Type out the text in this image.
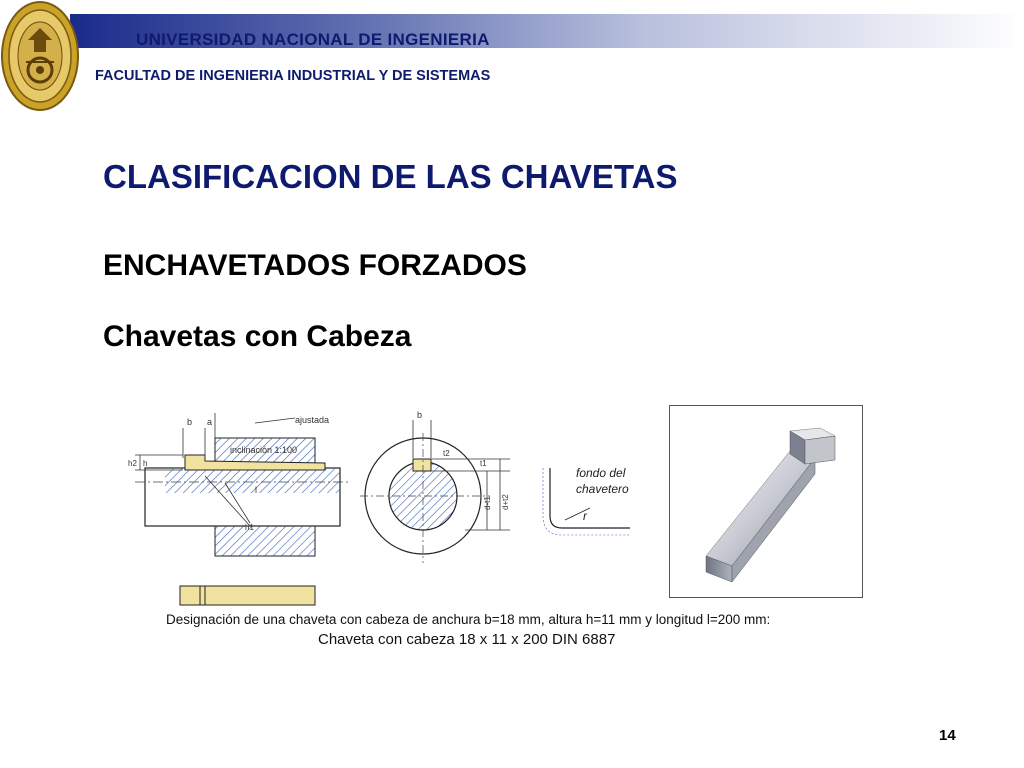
UNIVERSIDAD NACIONAL DE INGENIERIA
FACULTAD DE INGENIERIA INDUSTRIAL Y DE SISTEMAS
CLASIFICACION DE LAS CHAVETAS
ENCHAVETADOS FORZADOS
Chavetas con Cabeza
b a	ajustada
inclinación 1:100
h2 h
l
h1
b
t2
t1
d-t1 d+t2
fondo del
chavetero
r
Designación de una chaveta con cabeza de anchura b=18 mm, altura h=11 mm y longitud l=200 mm:
Chaveta con cabeza 18 x 11 x 200 DIN 6887
14
